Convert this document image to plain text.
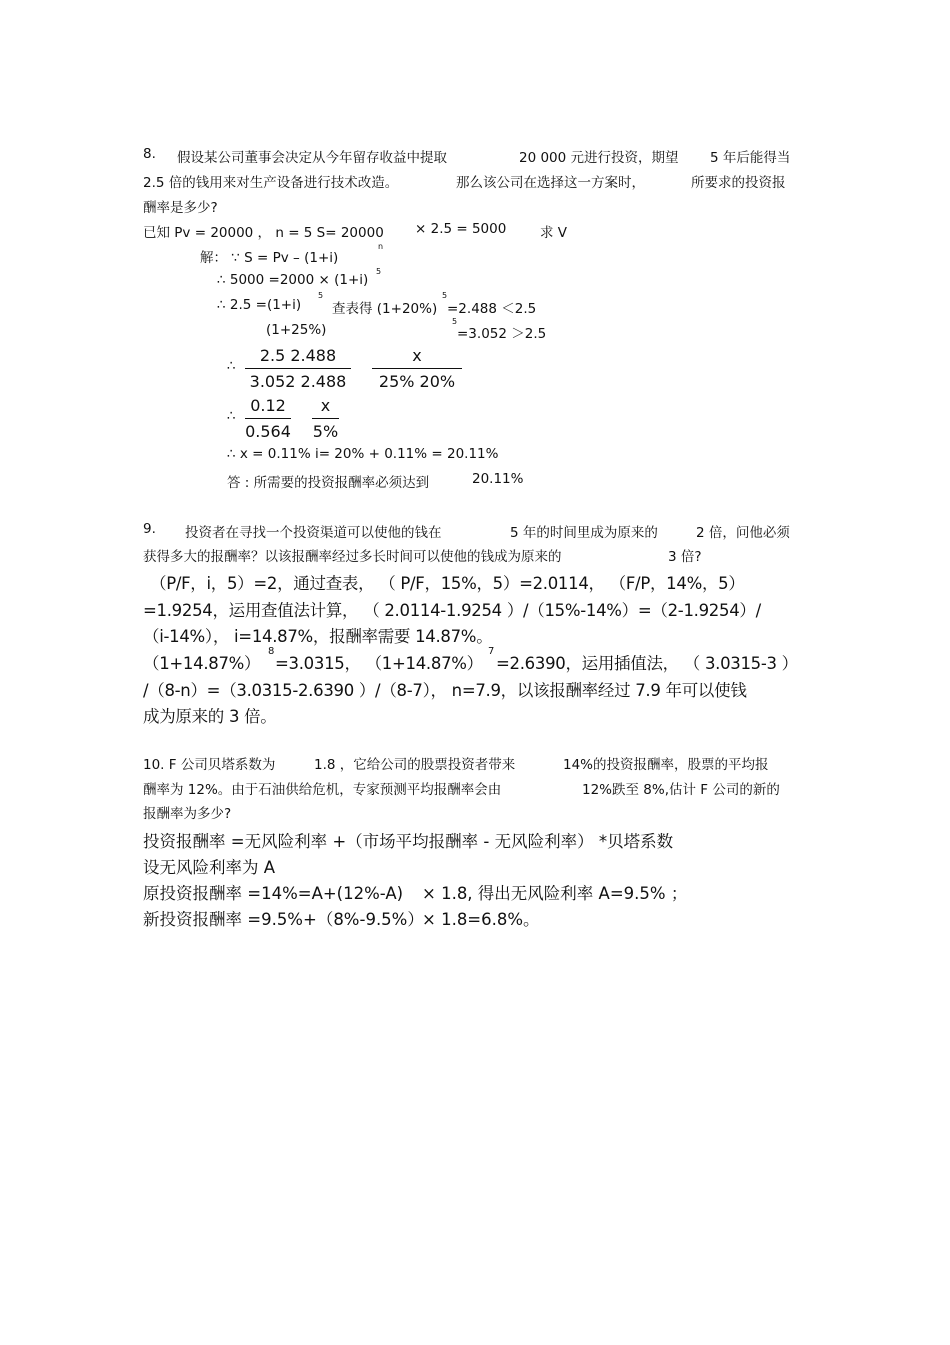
8. 假设某公司董事会决定从今年留存收益中提取	20 000 元进行投资，期望 5 年后能得当
2.5 倍的钱用来对生产设备进行技术改造。	那么该公司在选择这一方案时，	所要求的投资报
酬率是多少?
已知 Pv = 20000 ， n = 5 S= 20000 × 2.5 = 5000 求 V
解： ∵ S = Pv – (1+i)
n
∴ 5000 =2000 × (1+i)
5
∴ 2.5 =(1+i)
5
查表得 (1+20%)
5
=2.488 ＜2.5
(1+25%)
5
=3.052 ＞2.5
∴
2.5 2.488
3.052 2.488
x
25% 20%
∴
0.12
0.564
x
5%
∴ x = 0.11% i= 20% + 0.11% = 20.11%
答 : 所需要的投资报酬率必须达到	20.11%
9. 投资者在寻找一个投资渠道可以使他的钱在	5 年的时间里成为原来的	2 倍，问他必须
获得多大的报酬率？以该报酬率经过多长时间可以使他的钱成为原来的	3 倍?
（P/F，i，5）=2，通过查表， （ P/F，15%，5）=2.0114， （F/P，14%，5）
=1.9254，运用查值法计算， （ 2.0114-1.9254 ）/（15%-14%）=（2-1.9254）/
（i-14%）， i=14.87%，报酬率需要 14.87%。
（1+14.87%）
8
=3.0315， （1+14.87%）
7
=2.6390，运用插值法， （ 3.0315-3 ）
/（8-n）=（3.0315-2.6390 ）/（8-7）， n=7.9，以该报酬率经过 7.9 年可以使钱
成为原来的 3 倍。
10. F 公司贝塔系数为	1.8 ，它给公司的股票投资者带来	14%的投资报酬率，股票的平均报
酬率为 12%。由于石油供给危机，专家预测平均报酬率会由	12%跌至 8%,估计 F 公司的新的
报酬率为多少?
投资报酬率 =无风险利率 +（市场平均报酬率 - 无风险利率） *贝塔系数
设无风险利率为 A
原投资报酬率 =14%=A+(12%-A) × 1.8, 得出无风险利率 A=9.5% ；
新投资报酬率 =9.5%+（8%-9.5%）
× 1.8=6.8%。
